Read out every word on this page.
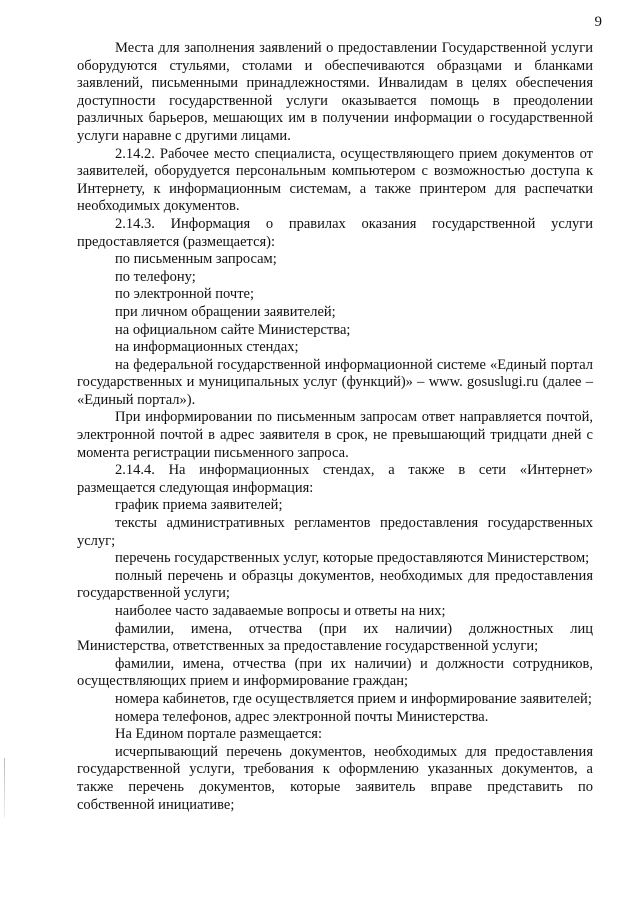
9

Места для заполнения заявлений о предоставлении Государственной услуги оборудуются стульями, столами и обеспечиваются образцами и бланками заявлений, письменными принадлежностями. Инвалидам в целях обеспечения доступности государственной услуги оказывается помощь в преодолении различных барьеров, мешающих им в получении информации о государственной услуги наравне с другими лицами.

2.14.2. Рабочее место специалиста, осуществляющего прием документов от заявителей, оборудуется персональным компьютером с возможностью доступа к Интернету, к информационным системам, а также принтером для распечатки необходимых документов.

2.14.3. Информация о правилах оказания государственной услуги предоставляется (размещается):

по письменным запросам;

по телефону;

по электронной почте;

при личном обращении заявителей;

на официальном сайте Министерства;

на информационных стендах;

на федеральной государственной информационной системе «Единый портал государственных и муниципальных услуг (функций)» – www. gosuslugi.ru (далее – «Единый портал»).

При информировании по письменным запросам ответ направляется почтой, электронной почтой в адрес заявителя в срок, не превышающий тридцати дней с момента регистрации письменного запроса.

2.14.4. На информационных стендах, а также в сети «Интернет» размещается следующая информация:

график приема заявителей;

тексты административных регламентов предоставления государственных услуг;

перечень государственных услуг, которые предоставляются Министерством;

полный перечень и образцы документов, необходимых для предоставления государственной услуги;

наиболее часто задаваемые вопросы и ответы на них;

фамилии, имена, отчества (при их наличии) должностных лиц Министерства, ответственных за предоставление государственной услуги;

фамилии, имена, отчества (при их наличии) и должности сотрудников, осуществляющих прием и информирование граждан;

номера кабинетов, где осуществляется прием и информирование заявителей;

номера телефонов, адрес электронной почты Министерства.

На Едином портале размещается:

исчерпывающий перечень документов, необходимых для предоставления государственной услуги, требования к оформлению указанных документов, а также перечень документов, которые заявитель вправе представить по собственной инициативе;
